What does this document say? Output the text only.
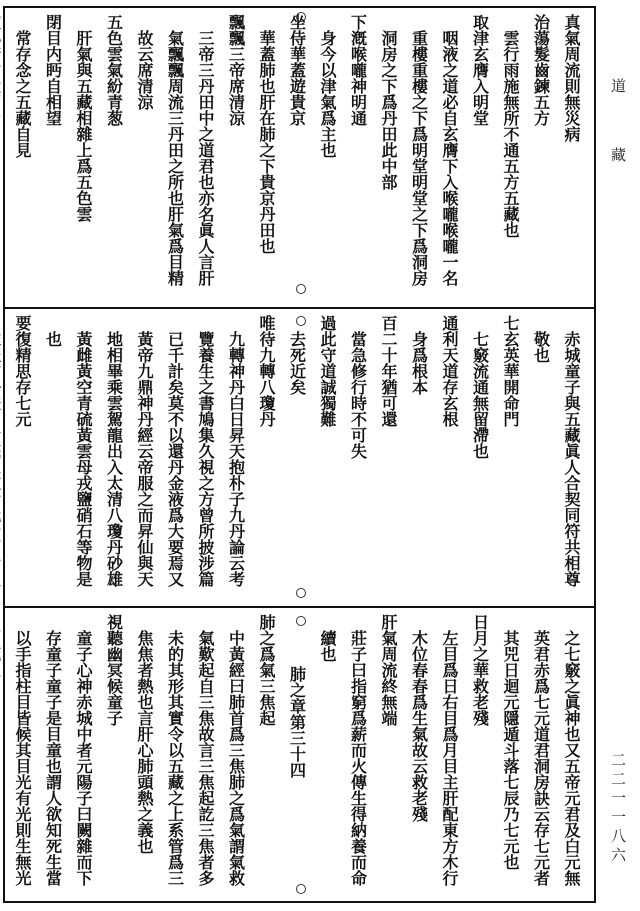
真氣周流則無災病
治蕩髮齒鍊五方
雲行雨施無所不通五方五藏也
取津玄膺入明堂
咽液之道必自玄膺下入喉嚨喉嚨一名
重樓重樓之下爲明堂明堂之下爲洞房
洞房之下爲丹田此中部
下漑喉嚨神明通
身今以津氣爲主也
坐侍華蓋遊貴京
華蓋肺也肝在肺之下貴京丹田也
飄飄三帝席清涼
三帝三丹田中之道君也亦名眞人言肝
氣飄飄周流三丹田之所也肝氣爲目精
故云席清涼
五色雲氣紛青葱
肝氣與五藏相雜上爲五色雲
閉目内眄自相望
常存念之五藏自見
赤城童子與五藏眞人合契同符共相尊
敬也
七玄英華開命門
七竅流通無留滯也
通利天道存玄根
身爲根本
百二十年猶可還
當急修行時不可失
過此守道誠獨難
去死近矣
唯待九轉八瓊丹
九轉神丹白日昇天抱朴子九丹論云考
覽養生之書鳩集久視之方曾所披涉篇
已千計矣莫不以還丹金液爲大要焉又
黃帝九鼎神丹經云帝服之而昇仙與天
地相畢乘雲駕龍出入太清八瓊丹砂雄
黃雌黃空青硫黃雲母戎鹽硝石等物是
也
要復精思存七元
之七竅之眞神也又五帝元君及白元無
英君赤爲七元道君洞房訣云存七元者
其兕日迴元隱遁斗落七辰乃七元也
日月之華救老殘
左目爲日右目爲月目主肝配東方木行
木位春春爲生氣故云救老殘
肝氣周流終無端
莊子曰指窮爲薪而火傳生得納養而命
續也
肺之章第三十四
肺之爲氣三焦起
中黃經曰肺首爲三焦肺之爲氣謂氣救
氣歎起自三焦故言三焦起訖三焦者多
未的其形其實令以五藏之上系管爲三
焦焦者熱也言肝心肺頭熱之義也
視聽幽冥候童子
童子心神赤城中者元陽子曰闕雜而下
存童子童子是目童也謂人欲知死生當
以手指柱目皆候其目光有光則生無光
道 藏
二二一一八六
